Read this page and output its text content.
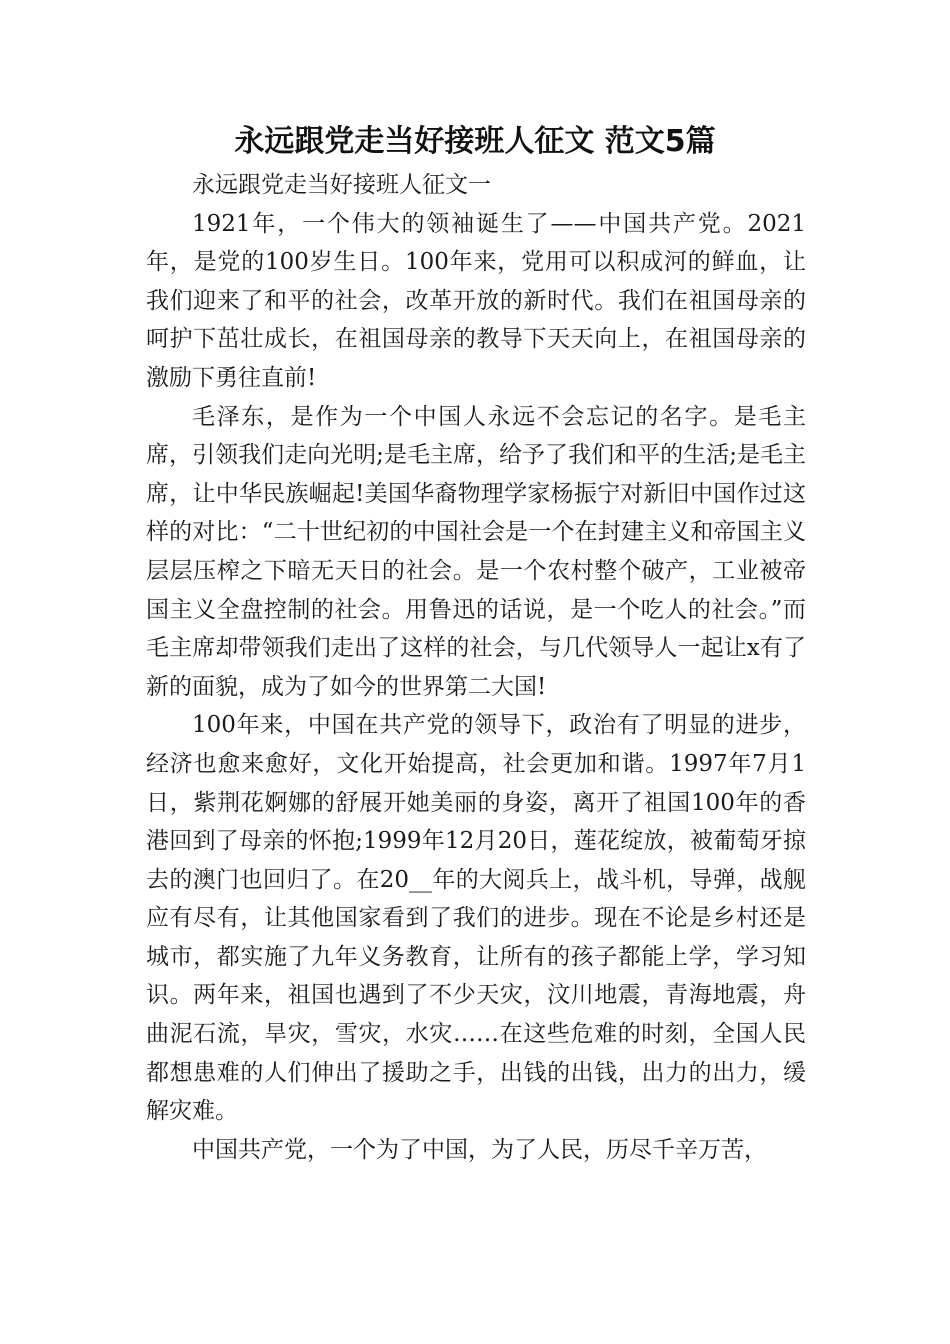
永远跟党走当好接班人征文 范文5篇

永远跟党走当好接班人征文一

1921年，一个伟大的领袖诞生了——中国共产党。2021年，是党的100岁生日。100年来，党用可以积成河的鲜血，让我们迎来了和平的社会，改革开放的新时代。我们在祖国母亲的呵护下茁壮成长，在祖国母亲的教导下天天向上，在祖国母亲的激励下勇往直前!

毛泽东，是作为一个中国人永远不会忘记的名字。是毛主席，引领我们走向光明;是毛主席，给予了我们和平的生活;是毛主席，让中华民族崛起!美国华裔物理学家杨振宁对新旧中国作过这样的对比：“二十世纪初的中国社会是一个在封建主义和帝国主义层层压榨之下暗无天日的社会。是一个农村整个破产，工业被帝国主义全盘控制的社会。用鲁迅的话说，是一个吃人的社会。”而毛主席却带领我们走出了这样的社会，与几代领导人一起让x有了新的面貌，成为了如今的世界第二大国!

100年来，中国在共产党的领导下，政治有了明显的进步，经济也愈来愈好，文化开始提高，社会更加和谐。1997年7月1日，紫荆花婀娜的舒展开她美丽的身姿，离开了祖国100年的香港回到了母亲的怀抱;1999年12月20日，莲花绽放，被葡萄牙掠去的澳门也回归了。在20__年的大阅兵上，战斗机，导弹，战舰应有尽有，让其他国家看到了我们的进步。现在不论是乡村还是城市，都实施了九年义务教育，让所有的孩子都能上学，学习知识。两年来，祖国也遇到了不少天灾，汶川地震，青海地震，舟曲泥石流，旱灾，雪灾，水灾……在这些危难的时刻，全国人民都想患难的人们伸出了援助之手，出钱的出钱，出力的出力，缓解灾难。

中国共产党，一个为了中国，为了人民，历尽千辛万苦，
